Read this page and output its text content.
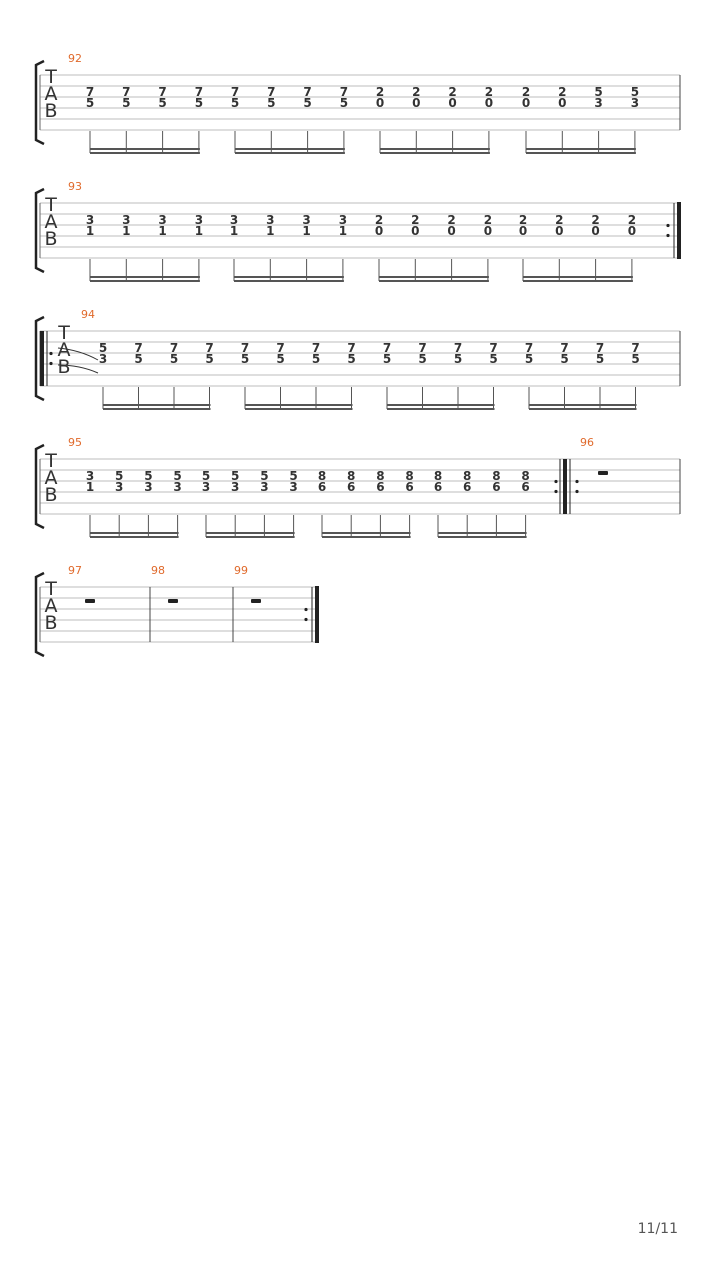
T
A
B
92
7
5
7
5
7
5
7
5
7
5
7
5
7
5
7
5
2
0
2
0
2
0
2
0
2
0
2
0
5
3
5
3
T
A
B
93
3
1
3
1
3
1
3
1
3
1
3
1
3
1
3
1
2
0
2
0
2
0
2
0
2
0
2
0
2
0
2
0
T
A
B
94
5
3
7
5
7
5
7
5
7
5
7
5
7
5
7
5
7
5
7
5
7
5
7
5
7
5
7
5
7
5
7
5
T
A
B
95
3
1
5
3
5
3
5
3
5
3
5
3
5
3
5
3
8
6
8
6
8
6
8
6
8
6
8
6
8
6
8
6
96
T
A
B
97	98	99
11/11
